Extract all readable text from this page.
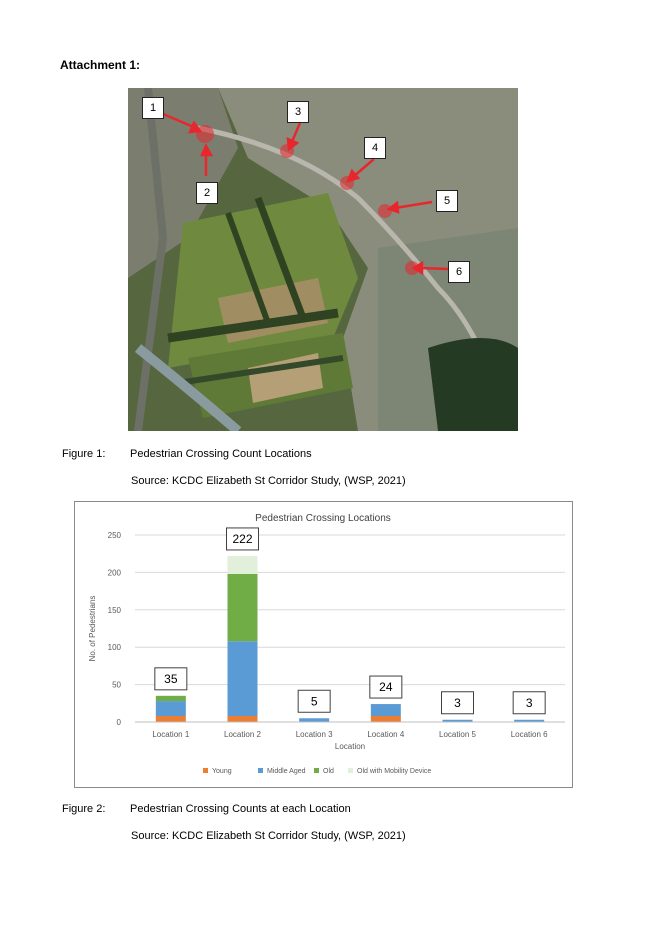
Attachment 1:
1
2
3
4
5
6
Figure 1: Pedestrian Crossing Count Locations
Source: KCDC Elizabeth St Corridor Study, (WSP, 2021)
Pedestrian Crossing Locations
0
50
100
150
200
250
No. of Pedestrians
Location 1
35
Location 2
222
Location 3
5
Location 4
24
Location 5
3
Location 6
3
Location
Young	Middle Aged Old	Old with Mobility Device
Figure 2: Pedestrian Crossing Counts at each Location
Source: KCDC Elizabeth St Corridor Study, (WSP, 2021)
